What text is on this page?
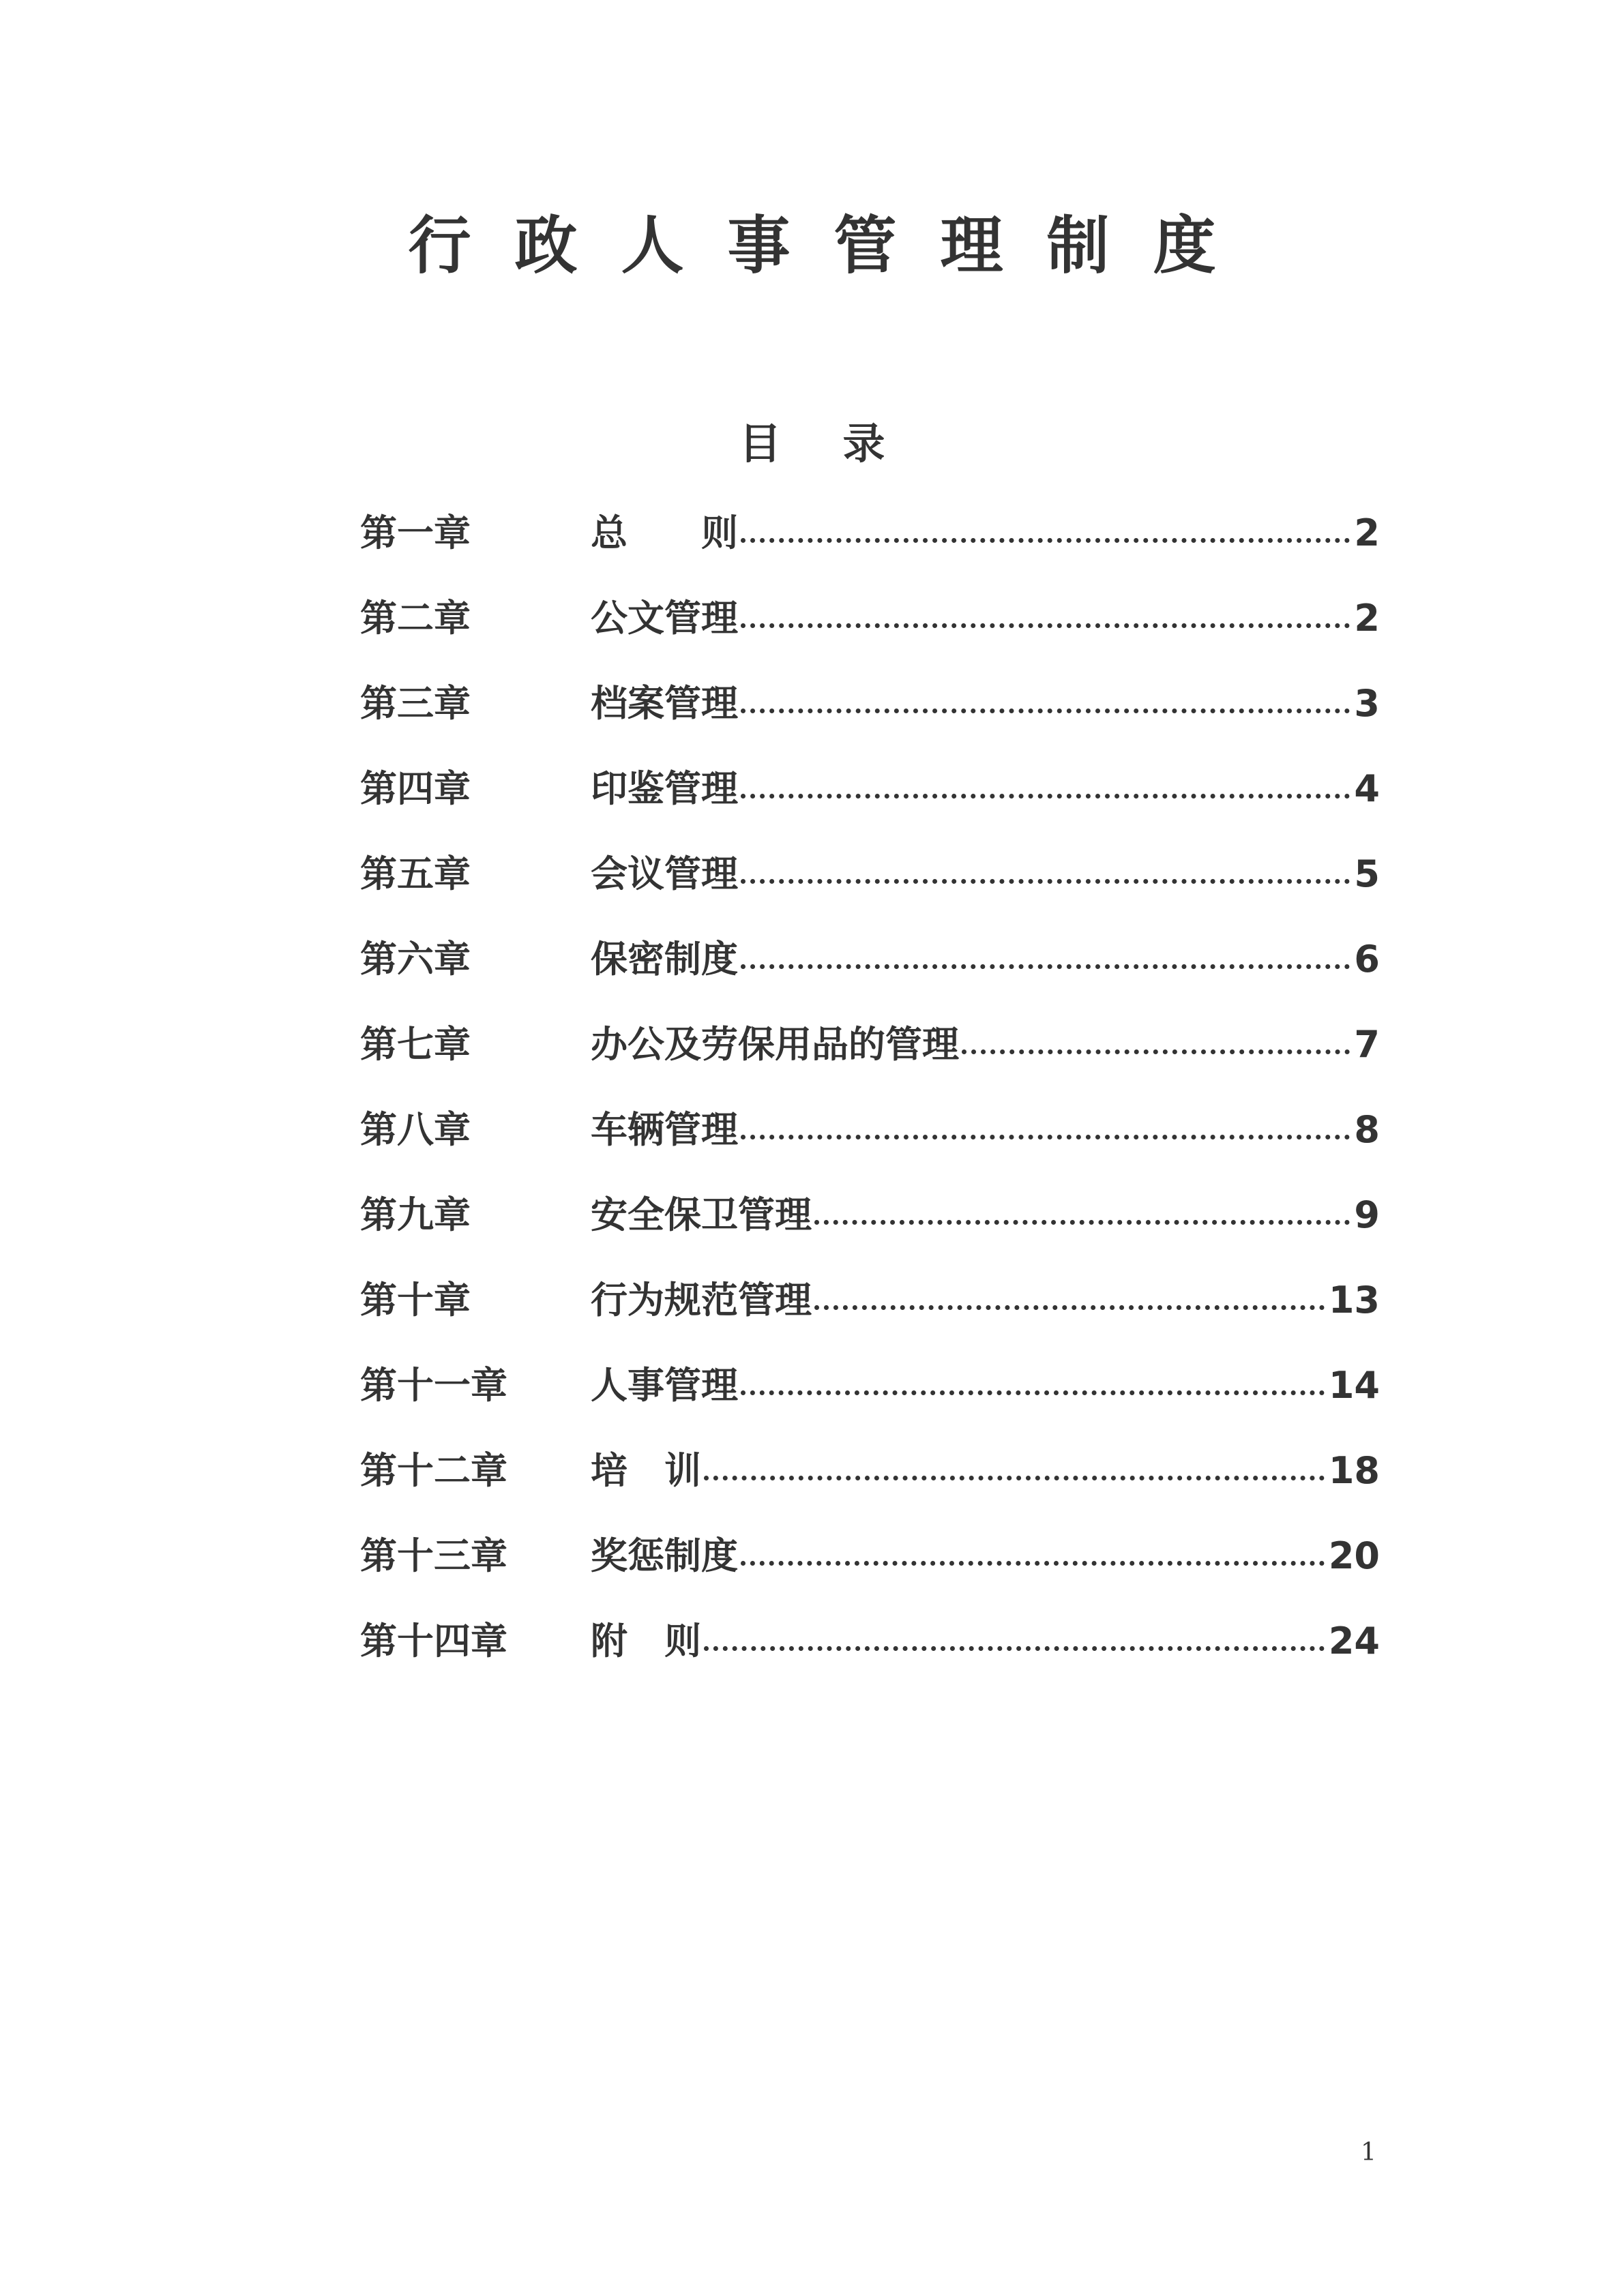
行政人事管理制度
目录
第一章	总　　则	2
第二章	公文管理	2
第三章	档案管理	3
第四章	印鉴管理	4
第五章	会议管理	5
第六章	保密制度	6
第七章	办公及劳保用品的管理	7
第八章	车辆管理	8
第九章	安全保卫管理	9
第十章	行为规范管理	13
第十一章	人事管理	14
第十二章	培　训	18
第十三章	奖惩制度	20
第十四章	附　则	24

1
